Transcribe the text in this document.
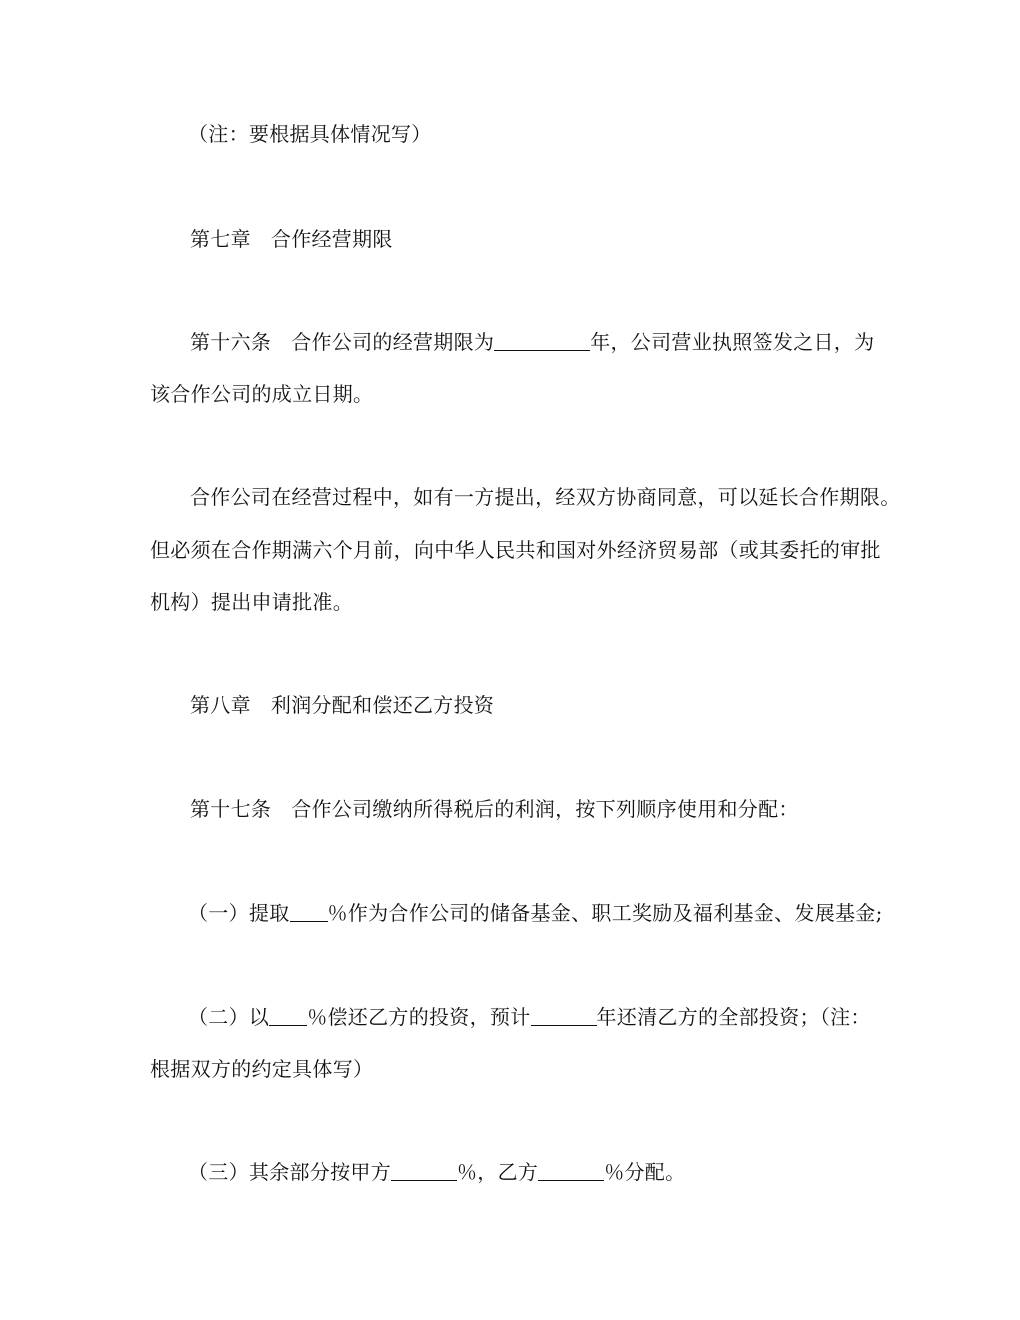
（注：要根据具体情况写）
第七章 合作经营期限
第十六条 合作公司的经营期限为	年，公司营业执照签发之日，为
该合作公司的成立日期。
合作公司在经营过程中，如有一方提出，经双方协商同意，可以延长合作期限。
但必须在合作期满六个月前，向中华人民共和国对外经济贸易部（或其委托的审批
机构）提出申请批准。
第八章 利润分配和偿还乙方投资
第十七条 合作公司缴纳所得税后的利润，按下列顺序使用和分配：
（一）提取 ％作为合作公司的储备基金、职工奖励及福利基金、发展基金;
（二）以 ％偿还乙方的投资，预计	年还清乙方的全部投资；（注：
根据双方的约定具体写）
（三）其余部分按甲方	％，乙方	％分配。
